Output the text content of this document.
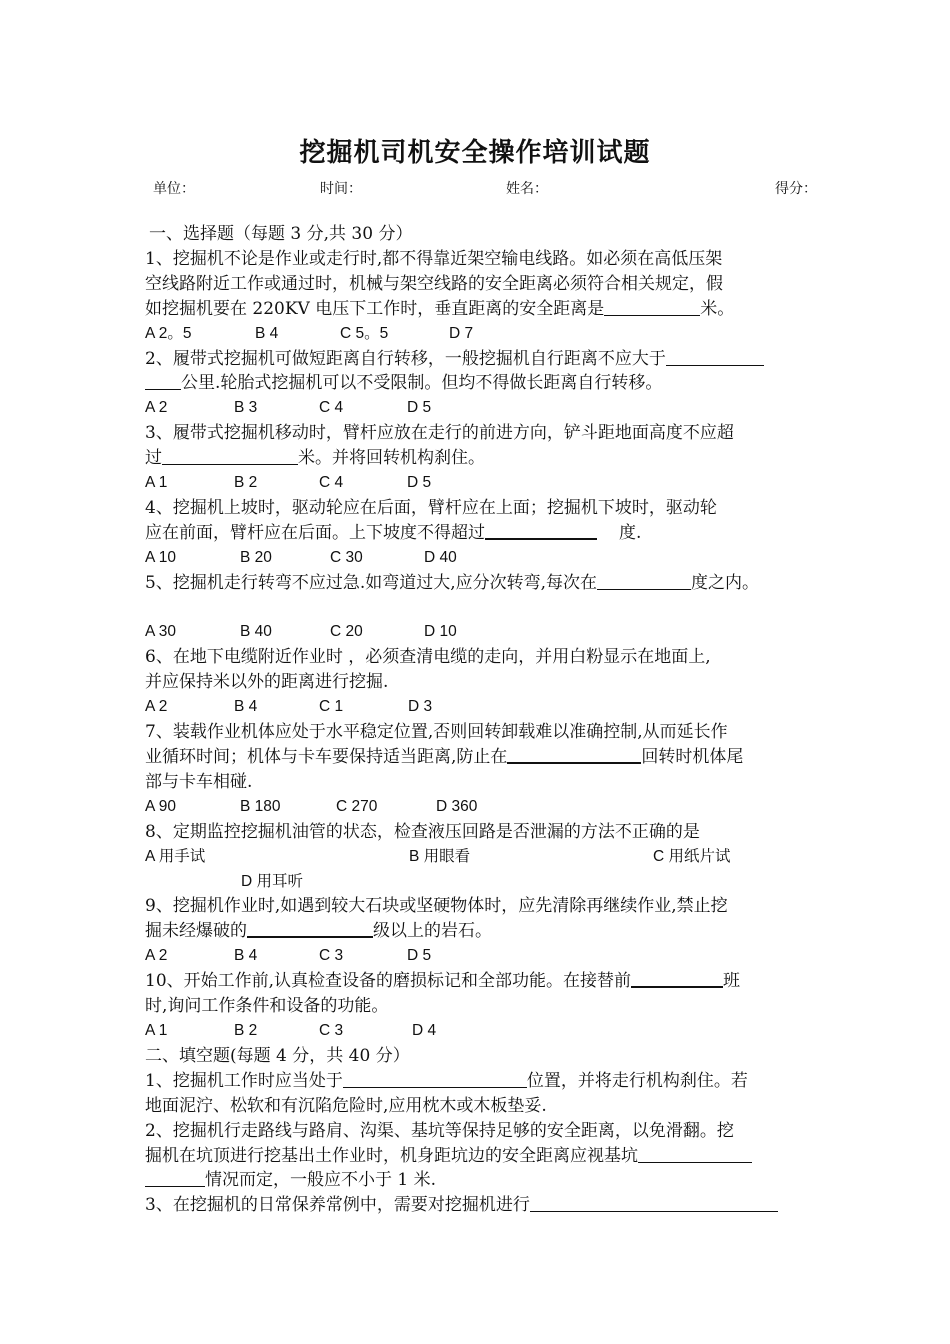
挖掘机司机安全操作培训试题
单位：	时间：	姓名：	得分：

一、选择题（每题 3 分,共 30 分）

1、挖掘机不论是作业或走行时,都不得靠近架空输电线路。如必须在高低压架

空线路附近工作或通过时，机械与架空线路的安全距离必须符合相关规定，假

如挖掘机要在 220KV 电压下工作时，垂直距离的安全距离是	米。

A 2。5	B 4	C 5。5	D 7

2、履带式挖掘机可做短距离自行转移，一般挖掘机自行距离不应大于

公里.轮胎式挖掘机可以不受限制。但均不得做长距离自行转移。

A 2	B 3	C 4	D 5

3、履带式挖掘机移动时，臂杆应放在走行的前进方向，铲斗距地面高度不应超

过	米。并将回转机构刹住。

A 1	B 2	C 4	D 5

4、挖掘机上坡时，驱动轮应在后面，臂杆应在上面；挖掘机下坡时，驱动轮

应在前面，臂杆应在后面。上下坡度不得超过	度.

A 10	B 20	C 30	D 40

5、挖掘机走行转弯不应过急.如弯道过大,应分次转弯,每次在	度之内。

A 30	B 40	C 20	D 10

6、在地下电缆附近作业时 ，必须查清电缆的走向，并用白粉显示在地面上,

并应保持米以外的距离进行挖掘.

A 2	B 4	C 1	D 3

7、装载作业机体应处于水平稳定位置,否则回转卸载难以准确控制,从而延长作

业循环时间；机体与卡车要保持适当距离,防止在	回转时机体尾

部与卡车相碰.

A 90	B 180	C 270	D 360

8、定期监控挖掘机油管的状态，检查液压回路是否泄漏的方法不正确的是

A 用手试	B 用眼看	C 用纸片试
D 用耳听

9、挖掘机作业时,如遇到较大石块或坚硬物体时，应先清除再继续作业,禁止挖

掘未经爆破的	级以上的岩石。

A 2	B 4	C 3	D 5

10、开始工作前,认真检查设备的磨损标记和全部功能。在接替前	班

时,询问工作条件和设备的功能。

A 1	B 2	C 3	D 4

二、填空题(每题 4 分，共 40 分）

1、挖掘机工作时应当处于	位置，并将走行机构刹住。若

地面泥泞、松软和有沉陷危险时,应用枕木或木板垫妥.

2、挖掘机行走路线与路肩、沟渠、基坑等保持足够的安全距离，以免滑翻。挖

掘机在坑顶进行挖基出土作业时，机身距坑边的安全距离应视基坑

情况而定，一般应不小于 1 米.

3、在挖掘机的日常保养常例中，需要对挖掘机进行
